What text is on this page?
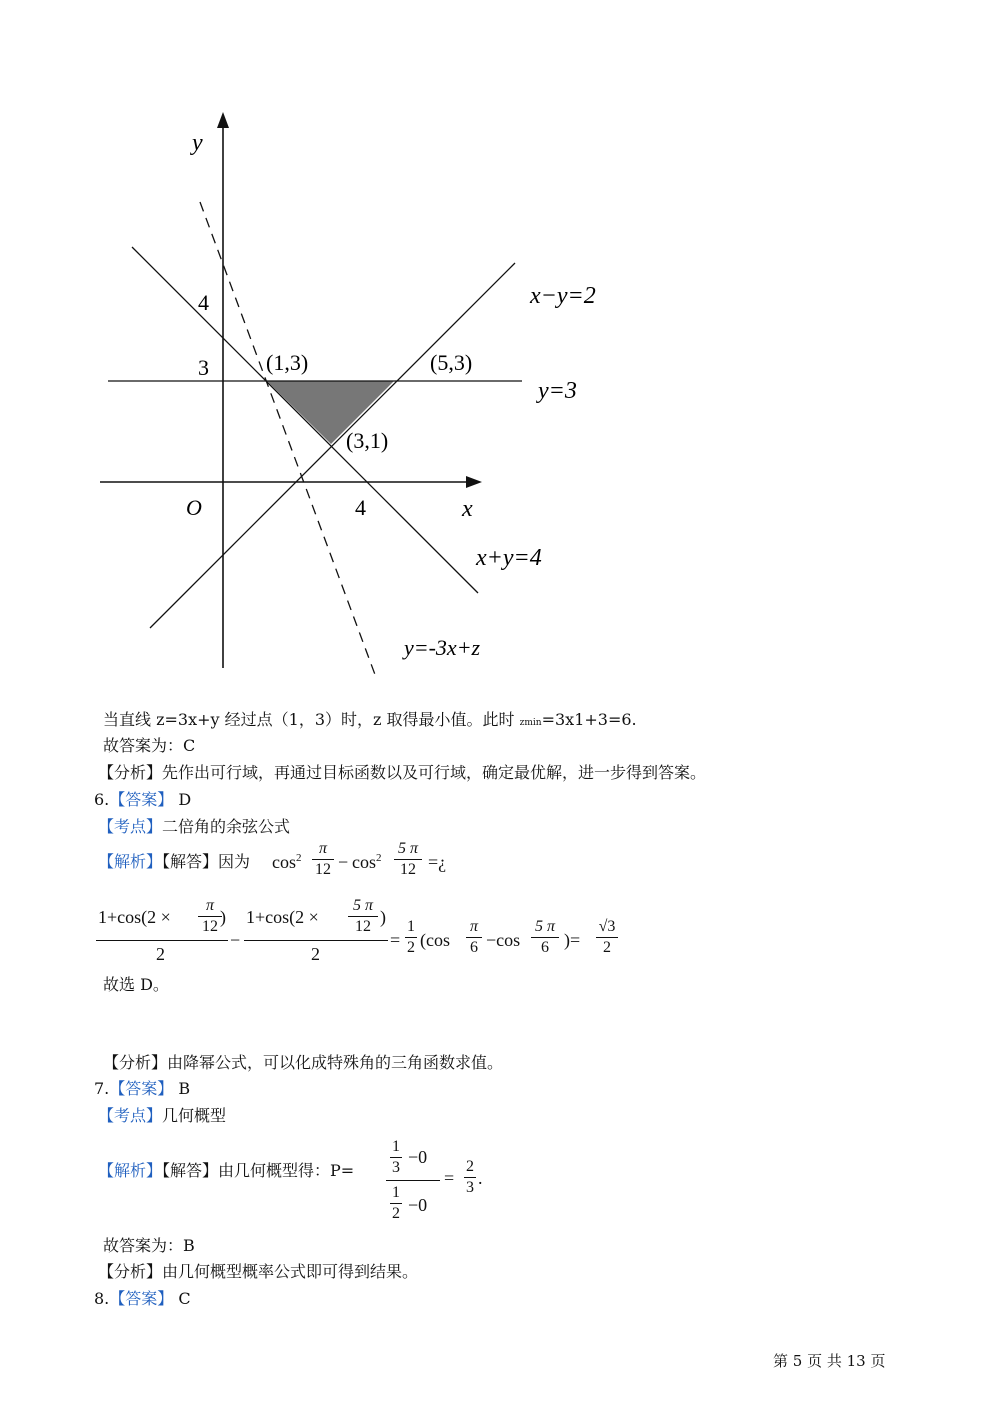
y
x
O	4
4
3	(1,3)	(5,3)
(3,1)
x−y=2
y=3
x+y=4
y=-3x+z
当直线 z=3x+y 经过点（1，3）时，z 取得最小值。此时 zmin=3x1+3=6.
故答案为：C
【分析】先作出可行域，再通过目标函数以及可行域，确定最优解，进一步得到答案。
6.【答案】 D
【考点】二倍角的余弦公式
【解析】【解答】因为 $\cos^2$
π
$12 - \cos^2$
5 π
12 =¿
1+cos(2 ×
π
12 )
2
−
1+cos(2 ×
5 π
12 )
2
=
1
2 (cos
π
6 −cos
5 π
6 )=
√3
2
故选 D。
【分析】由降幂公式，可以化成特殊角的三角函数求值。
7.【答案】 B
【考点】几何概型
【解析】【解答】由几何概型得：P=
1
3
−0
1
2 −0
=
2
3 .
故答案为：B
【分析】由几何概型概率公式即可得到结果。
8.【答案】 C
第 5 页 共 13 页
